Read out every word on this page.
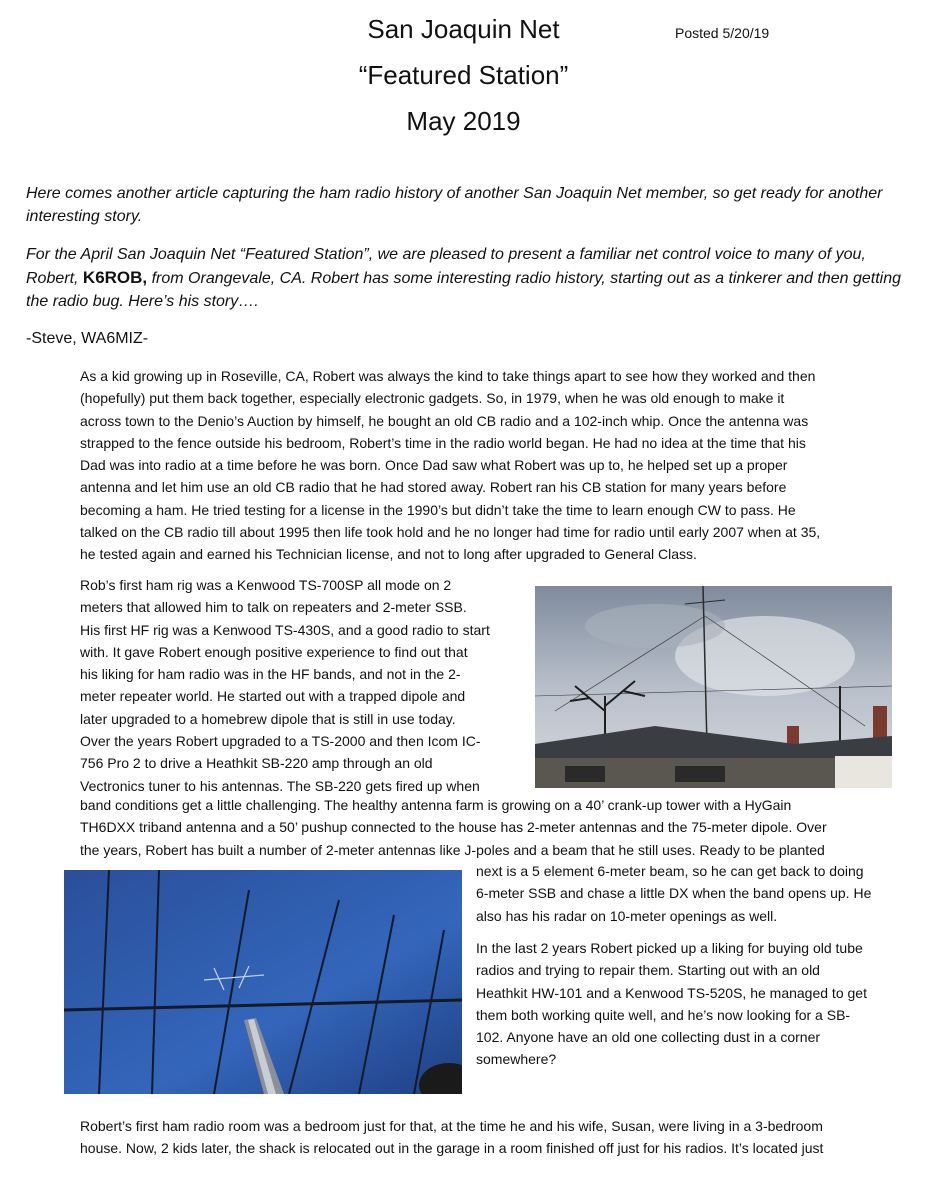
San Joaquin Net
“Featured Station”
May 2019
Posted 5/20/19

Here comes another article capturing the ham radio history of another San Joaquin Net member, so get ready for another interesting story.

For the April San Joaquin Net “Featured Station”, we are pleased to present a familiar net control voice to many of you, Robert, K6ROB, from Orangevale, CA. Robert has some interesting radio history, starting out as a tinkerer and then getting the radio bug. Here’s his story….

-Steve, WA6MIZ-
As a kid growing up in Roseville, CA, Robert was always the kind to take things apart to see how they worked and then
(hopefully) put them back together, especially electronic gadgets. So, in 1979, when he was old enough to make it
across town to the Denio’s Auction by himself, he bought an old CB radio and a 102-inch whip. Once the antenna was
strapped to the fence outside his bedroom, Robert’s time in the radio world began. He had no idea at the time that his
Dad was into radio at a time before he was born. Once Dad saw what Robert was up to, he helped set up a proper
antenna and let him use an old CB radio that he had stored away. Robert ran his CB station for many years before
becoming a ham. He tried testing for a license in the 1990’s but didn’t take the time to learn enough CW to pass. He
talked on the CB radio till about 1995 then life took hold and he no longer had time for radio until early 2007 when at 35,
he tested again and earned his Technician license, and not to long after upgraded to General Class.
Rob’s first ham rig was a Kenwood TS-700SP all mode on 2
meters that allowed him to talk on repeaters and 2-meter SSB.
His first HF rig was a Kenwood TS-430S, and a good radio to start
with. It gave Robert enough positive experience to find out that
his liking for ham radio was in the HF bands, and not in the 2-
meter repeater world. He started out with a trapped dipole and
later upgraded to a homebrew dipole that is still in use today.
Over the years Robert upgraded to a TS-2000 and then Icom IC-
756 Pro 2 to drive a Heathkit SB-220 amp through an old
Vectronics tuner to his antennas. The SB-220 gets fired up when
band conditions get a little challenging. The healthy antenna farm is growing on a 40’ crank-up tower with a HyGain
TH6DXX triband antenna and a 50’ pushup connected to the house has 2-meter antennas and the 75-meter dipole. Over
the years, Robert has built a number of 2-meter antennas like J-poles and a beam that he still uses. Ready to be planted
next is a 5 element 6-meter beam, so he can get back to doing
6-meter SSB and chase a little DX when the band opens up. He
also has his radar on 10-meter openings as well.
In the last 2 years Robert picked up a liking for buying old tube
radios and trying to repair them. Starting out with an old
Heathkit HW-101 and a Kenwood TS-520S, he managed to get
them both working quite well, and he’s now looking for a SB-
102. Anyone have an old one collecting dust in a corner
somewhere?
Robert’s first ham radio room was a bedroom just for that, at the time he and his wife, Susan, were living in a 3-bedroom
house. Now, 2 kids later, the shack is relocated out in the garage in a room finished off just for his radios. It’s located just
